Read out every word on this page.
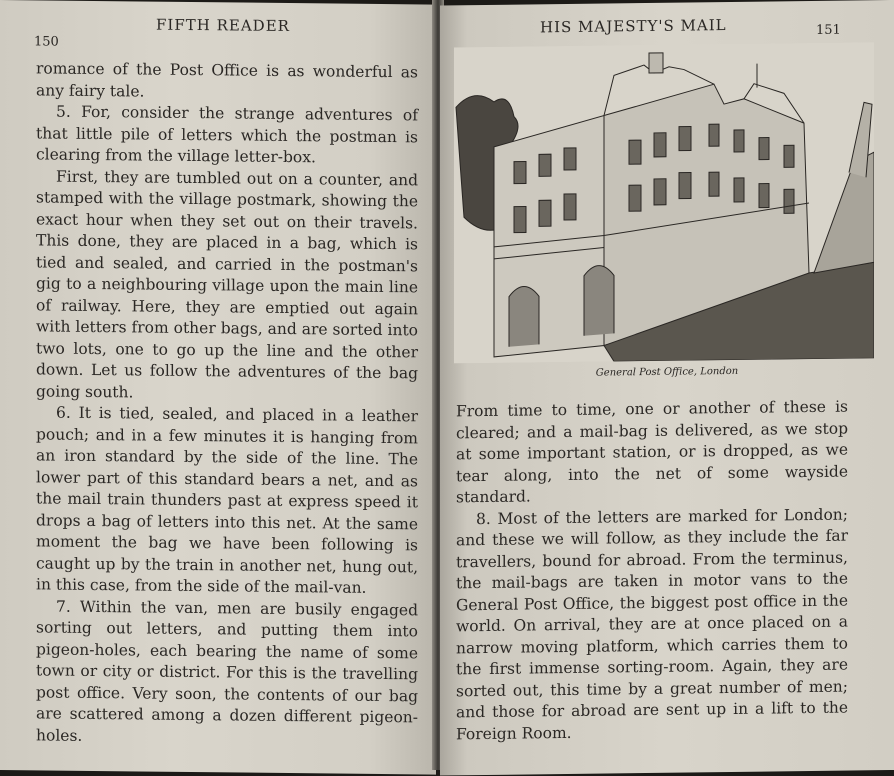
150
FIFTH READER

romance of the Post Office is as wonderful as any fairy tale.

5. For, consider the strange adventures of that little pile of letters which the postman is clearing from the village letter-box.

First, they are tumbled out on a counter, and stamped with the village postmark, showing the exact hour when they set out on their travels. This done, they are placed in a bag, which is tied and sealed, and carried in the postman's gig to a neighbouring village upon the main line of railway. Here, they are emptied out again with letters from other bags, and are sorted into two lots, one to go up the line and the other down. Let us follow the adventures of the bag going south.

6. It is tied, sealed, and placed in a leather pouch; and in a few minutes it is hanging from an iron standard by the side of the line. The lower part of this standard bears a net, and as the mail train thunders past at express speed it drops a bag of letters into this net. At the same moment the bag we have been following is caught up by the train in another net, hung out, in this case, from the side of the mail-van.

7. Within the van, men are busily engaged sorting out letters, and putting them into pigeon-holes, each bearing the name of some town or city or district. For this is the travelling post office. Very soon, the contents of our bag are scattered among a dozen different pigeon-holes.

HIS MAJESTY'S MAIL	151
General Post Office, London

From time to time, one or another of these is cleared; and a mail-bag is delivered, as we stop at some important station, or is dropped, as we tear along, into the net of some wayside standard.

8. Most of the letters are marked for London; and these we will follow, as they include the far travellers, bound for abroad. From the terminus, the mail-bags are taken in motor vans to the General Post Office, the biggest post office in the world. On arrival, they are at once placed on a narrow moving platform, which carries them to the first immense sorting-room. Again, they are sorted out, this time by a great number of men; and those for abroad are sent up in a lift to the Foreign Room.
